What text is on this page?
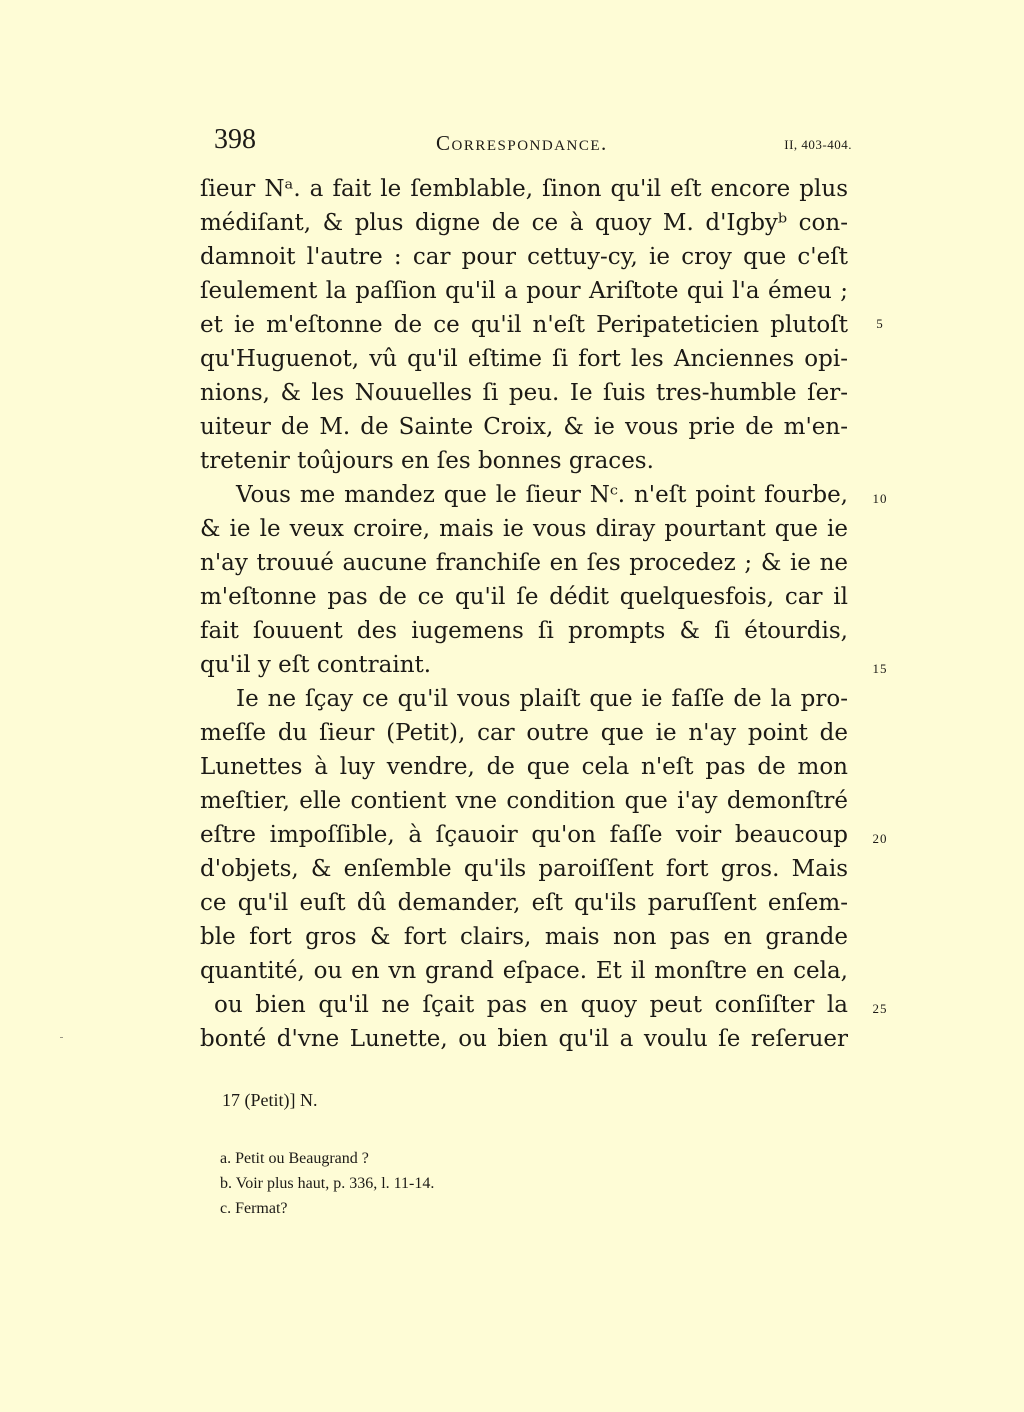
398	Correspondance.	II, 403-404.
ſieur Nᵃ. a fait le ſemblable, ſinon qu'il eſt encore plus
médiſant, & plus digne de ce à quoy M. d'Igbyᵇ con-
damnoit l'autre : car pour cettuy-cy, ie croy que c'eſt
ſeulement la paſſion qu'il a pour Ariſtote qui l'a émeu ;
et ie m'eſtonne de ce qu'il n'eſt Peripateticien plutoſt
qu'Huguenot, vû qu'il eſtime ſi fort les Anciennes opi-
nions, & les Nouuelles ſi peu. Ie ſuis tres-humble ſer-
uiteur de M. de Sainte Croix, & ie vous prie de m'en-
tretenir toûjours en ſes bonnes graces.
Vous me mandez que le ſieur Nᶜ. n'eſt point fourbe,
& ie le veux croire, mais ie vous diray pourtant que ie
n'ay trouué aucune franchiſe en ſes procedez ; & ie ne
m'eſtonne pas de ce qu'il ſe dédit quelquesfois, car il
fait ſouuent des iugemens ſi prompts & ſi étourdis,
qu'il y eſt contraint.
Ie ne ſçay ce qu'il vous plaiſt que ie faſſe de la pro-
meſſe du ſieur (Petit), car outre que ie n'ay point de
Lunettes à luy vendre, de que cela n'eſt pas de mon
meſtier, elle contient vne condition que i'ay demonſtré
eſtre impoſſible, à ſçauoir qu'on faſſe voir beaucoup
d'objets, & enſemble qu'ils paroiſſent fort gros. Mais
ce qu'il euſt dû demander, eſt qu'ils paruſſent enſem-
ble fort gros & fort clairs, mais non pas en grande
quantité, ou en vn grand eſpace. Et il monſtre en cela,
ou bien qu'il ne ſçait pas en quoy peut conſiſter la
bonté d'vne Lunette, ou bien qu'il a voulu ſe reſeruer
5
10
15
20
25
17 (Petit)] N.
a. Petit ou Beaugrand ?
b. Voir plus haut, p. 336, l. 11-14.
c. Fermat?
